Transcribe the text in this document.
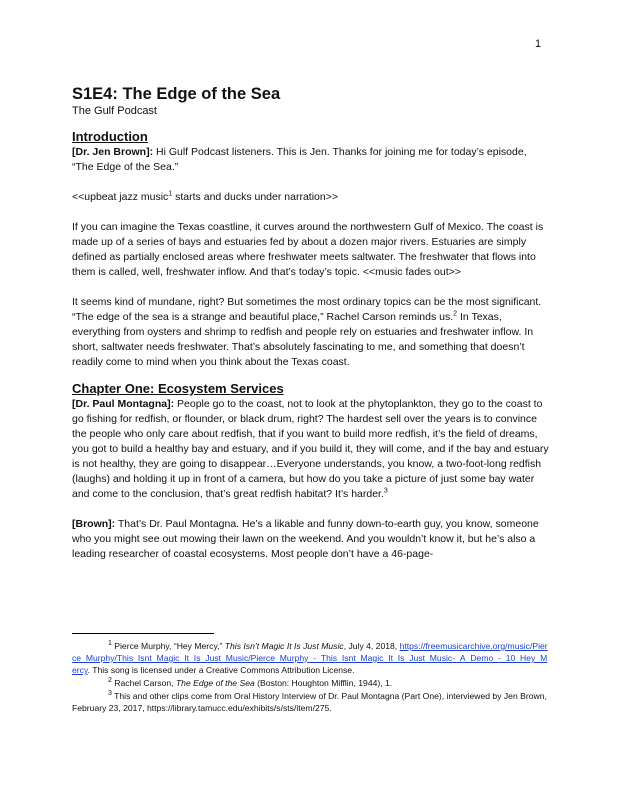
1
S1E4: The Edge of the Sea
The Gulf Podcast
Introduction

[Dr. Jen Brown]: Hi Gulf Podcast listeners. This is Jen. Thanks for joining me for today’s episode, “The Edge of the Sea.”

<<upbeat jazz music$^1$ starts and ducks under narration>>

If you can imagine the Texas coastline, it curves around the northwestern Gulf of Mexico. The coast is made up of a series of bays and estuaries fed by about a dozen major rivers. Estuaries are simply defined as partially enclosed areas where freshwater meets saltwater. The freshwater that flows into them is called, well, freshwater inflow. And that’s today’s topic. <<music fades out>>

It seems kind of mundane, right? But sometimes the most ordinary topics can be the most significant. “The edge of the sea is a strange and beautiful place,” Rachel Carson reminds us.$^2$ In Texas, everything from oysters and shrimp to redfish and people rely on estuaries and freshwater inflow. In short, saltwater needs freshwater. That’s absolutely fascinating to me, and something that doesn’t readily come to mind when you think about the Texas coast.

Chapter One: Ecosystem Services

[Dr. Paul Montagna]: People go to the coast, not to look at the phytoplankton, they go to the coast to go fishing for redfish, or flounder, or black drum, right? The hardest sell over the years is to convince the people who only care about redfish, that if you want to build more redfish, it’s the field of dreams, you got to build a healthy bay and estuary, and if you build it, they will come, and if the bay and estuary is not healthy, they are going to disappear…Everyone understands, you know, a two-foot-long redfish (laughs) and holding it up in front of a camera, but how do you take a picture of just some bay water and come to the conclusion, that’s great redfish habitat? It’s harder.$^3$

[Brown]: That’s Dr. Paul Montagna. He’s a likable and funny down-to-earth guy, you know, someone who you might see out mowing their lawn on the weekend. And you wouldn’t know it, but he’s also a leading researcher of coastal ecosystems. Most people don’t have a 46-page-

$^1$ Pierce Murphy, “Hey Mercy,” This Isn’t Magic It Is Just Music, July 4, 2018, https://freemusicarchive.org/music/Pierce_Murphy/This_Isnt_Magic_It_Is_Just_Music/Pierce_Murphy_-_This_Isnt_Magic_It_Is_Just_Music-_A_Demo_-_10_Hey_Mercy. This song is licensed under a Creative Commons Attribution License.
$^2$ Rachel Carson, The Edge of the Sea (Boston: Houghton Mifflin, 1944), 1.
$^3$ This and other clips come from Oral History Interview of Dr. Paul Montagna (Part One), interviewed by Jen Brown, February 23, 2017, https://library.tamucc.edu/exhibits/s/sts/item/275.
